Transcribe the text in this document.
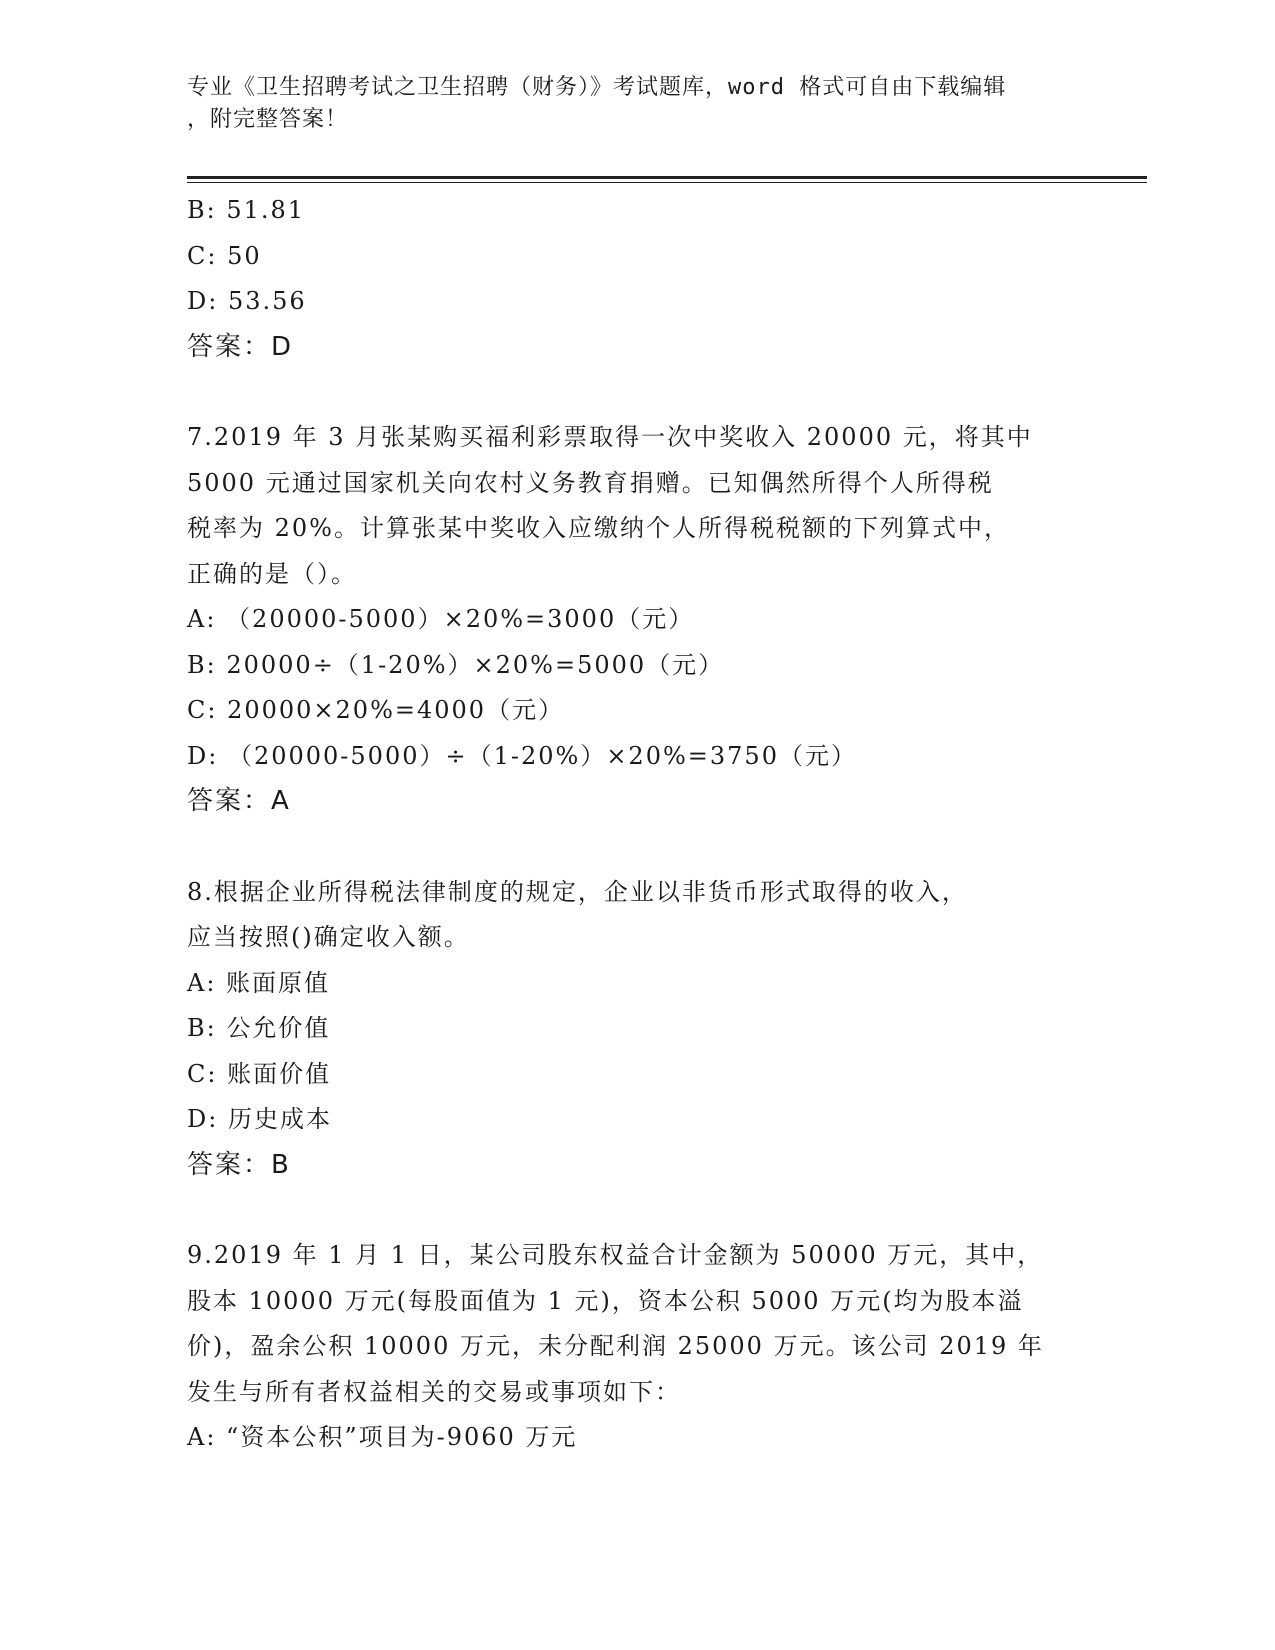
专业《卫生招聘考试之卫生招聘（财务）》考试题库，word 格式可自由下载编辑
，附完整答案！
B: 51.81
C: 50
D: 53.56
答案：D
7.2019 年 3 月张某购买福利彩票取得一次中奖收入 20000 元，将其中
5000 元通过国家机关向农村义务教育捐赠。已知偶然所得个人所得税
税率为 20%。计算张某中奖收入应缴纳个人所得税税额的下列算式中，
正确的是（）。
A: （20000-5000）×20%=3000（元）
B: 20000÷（1-20%）×20%=5000（元）
C: 20000×20%=4000（元）
D: （20000-5000）÷（1-20%）×20%=3750（元）
答案：A
8.根据企业所得税法律制度的规定，企业以非货币形式取得的收入，
应当按照()确定收入额。
A: 账面原值
B: 公允价值
C: 账面价值
D: 历史成本
答案：B
9.2019 年 1 月 1 日，某公司股东权益合计金额为 50000 万元，其中，
股本 10000 万元(每股面值为 1 元)，资本公积 5000 万元(均为股本溢
价)，盈余公积 10000 万元，未分配利润 25000 万元。该公司 2019 年
发生与所有者权益相关的交易或事项如下：
A: “资本公积”项目为-9060 万元
